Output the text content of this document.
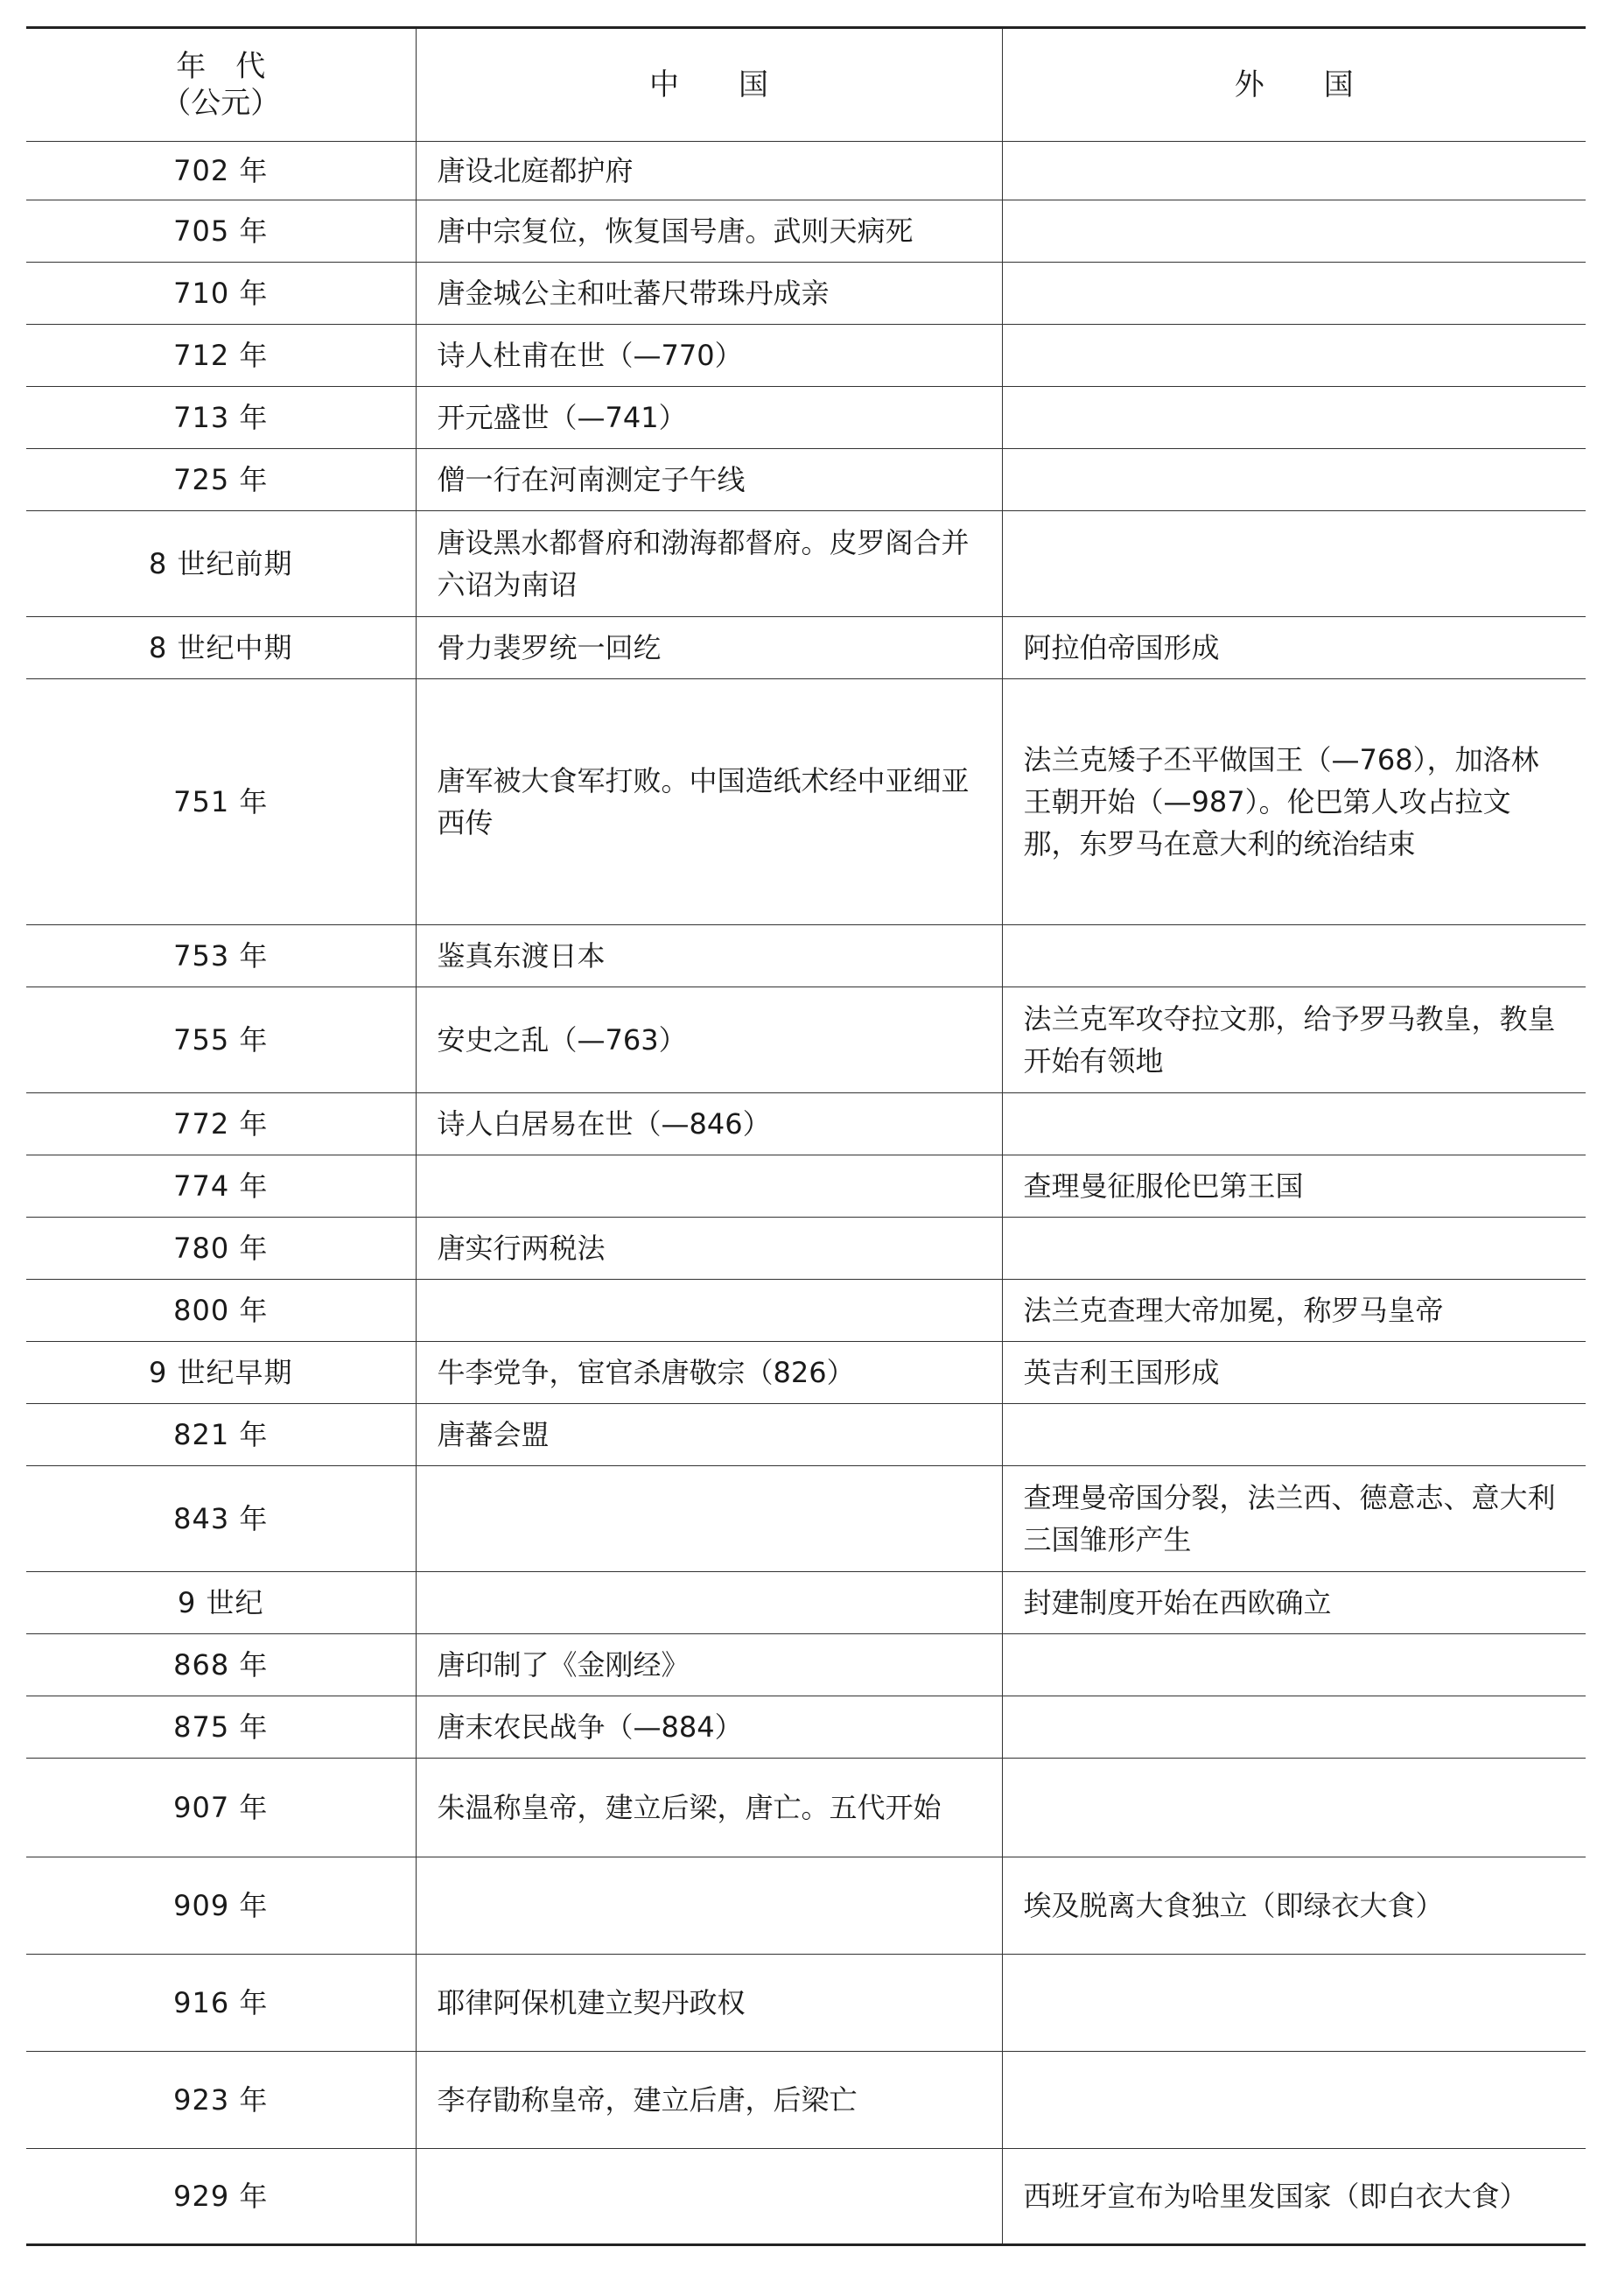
年　代
（公元）	中　　国	外　　国
702 年	唐设北庭都护府	
705 年	唐中宗复位，恢复国号唐。武则天病死	
710 年	唐金城公主和吐蕃尺带珠丹成亲	
712 年	诗人杜甫在世（—770）	
713 年	开元盛世（—741）	
725 年	僧一行在河南测定子午线	
8 世纪前期	唐设黑水都督府和渤海都督府。皮罗阁合并六诏为南诏	
8 世纪中期	骨力裴罗统一回纥	阿拉伯帝国形成
751 年	唐军被大食军打败。中国造纸术经中亚细亚西传	法兰克矮子丕平做国王（—768），加洛林王朝开始（—987）。伦巴第人攻占拉文那，东罗马在意大利的统治结束
753 年	鉴真东渡日本	
755 年	安史之乱（—763）	法兰克军攻夺拉文那，给予罗马教皇，教皇开始有领地
772 年	诗人白居易在世（—846）	
774 年		查理曼征服伦巴第王国
780 年	唐实行两税法	
800 年		法兰克查理大帝加冕，称罗马皇帝
9 世纪早期	牛李党争，宦官杀唐敬宗（826）	英吉利王国形成
821 年	唐蕃会盟	
843 年		查理曼帝国分裂，法兰西、德意志、意大利三国雏形产生
9 世纪		封建制度开始在西欧确立
868 年	唐印制了《金刚经》	
875 年	唐末农民战争（—884）	
907 年	朱温称皇帝，建立后梁，唐亡。五代开始	
909 年		埃及脱离大食独立（即绿衣大食）
916 年	耶律阿保机建立契丹政权	
923 年	李存勖称皇帝，建立后唐，后梁亡	
929 年		西班牙宣布为哈里发国家（即白衣大食）
